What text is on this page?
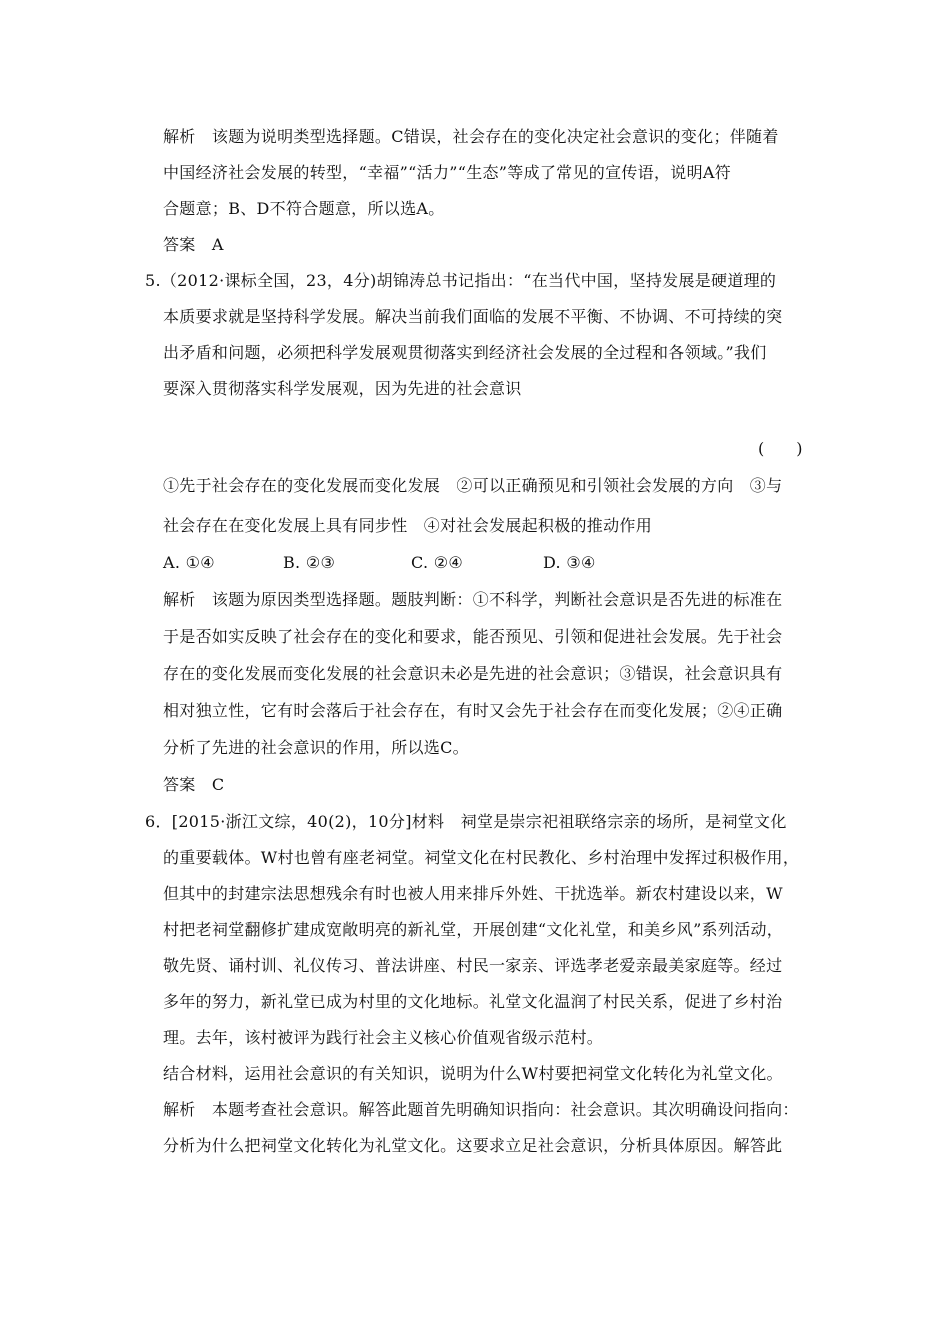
解析　该题为说明类型选择题。C错误，社会存在的变化决定社会意识的变化；伴随着
中国经济社会发展的转型，“幸福”“活力”“生态”等成了常见的宣传语，说明A符
合题意；B、D不符合题意，所以选A。
答案　A
5.（2012·课标全国，23，4分)胡锦涛总书记指出：“在当代中国，坚持发展是硬道理的
本质要求就是坚持科学发展。解决当前我们面临的发展不平衡、不协调、不可持续的突
出矛盾和问题，必须把科学发展观贯彻落实到经济社会发展的全过程和各领域。”我们
要深入贯彻落实科学发展观，因为先进的社会意识
(　　)
①先于社会存在的变化发展而变化发展　②可以正确预见和引领社会发展的方向　③与
社会存在在变化发展上具有同步性　④对社会发展起积极的推动作用
A. ①④	B. ②③	C. ②④	D. ③④
解析　该题为原因类型选择题。题肢判断：①不科学，判断社会意识是否先进的标准在
于是否如实反映了社会存在的变化和要求，能否预见、引领和促进社会发展。先于社会
存在的变化发展而变化发展的社会意识未必是先进的社会意识；③错误，社会意识具有
相对独立性，它有时会落后于社会存在，有时又会先于社会存在而变化发展；②④正确
分析了先进的社会意识的作用，所以选C。
答案　C
6．[2015·浙江文综，40(2)，10分]材料　祠堂是崇宗祀祖联络宗亲的场所，是祠堂文化
的重要载体。W村也曾有座老祠堂。祠堂文化在村民教化、乡村治理中发挥过积极作用，
但其中的封建宗法思想残余有时也被人用来排斥外姓、干扰选举。新农村建设以来，W
村把老祠堂翻修扩建成宽敞明亮的新礼堂，开展创建“文化礼堂，和美乡风”系列活动，
敬先贤、诵村训、礼仪传习、普法讲座、村民一家亲、评选孝老爱亲最美家庭等。经过
多年的努力，新礼堂已成为村里的文化地标。礼堂文化温润了村民关系，促进了乡村治
理。去年，该村被评为践行社会主义核心价值观省级示范村。
结合材料，运用社会意识的有关知识，说明为什么W村要把祠堂文化转化为礼堂文化。
解析　本题考查社会意识。解答此题首先明确知识指向：社会意识。其次明确设问指向：
分析为什么把祠堂文化转化为礼堂文化。这要求立足社会意识，分析具体原因。解答此
